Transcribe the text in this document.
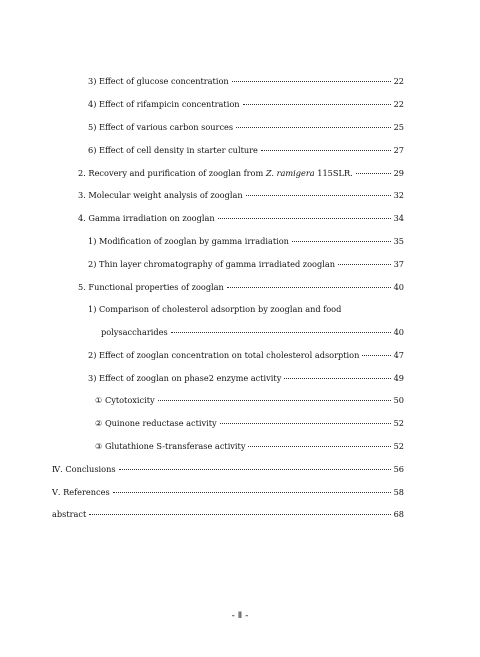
3) Effect of glucose concentration	22
4) Effect of rifampicin concentration	22
5) Effect of various carbon sources	25
6) Effect of cell density in starter culture	27
2. Recovery and purification of zooglan from Z. ramigera 115SLR.	29
3. Molecular weight analysis of zooglan	32
4. Gamma irradiation on zooglan	34
1) Modification of zooglan by gamma irradiation	35
2) Thin layer chromatography of gamma irradiated zooglan	37
5. Functional properties of zooglan	40
1) Comparison of cholesterol adsorption by zooglan and food
polysaccharides	40
2) Effect of zooglan concentration on total cholesterol adsorption	47
3) Effect of zooglan on phase2 enzyme activity	49
① Cytotoxicity	50
② Quinone reductase activity	52
③ Glutathione S-transferase activity	52
Ⅳ. Conclusions	56
Ⅴ. References	58
abstract	68
- Ⅱ -
